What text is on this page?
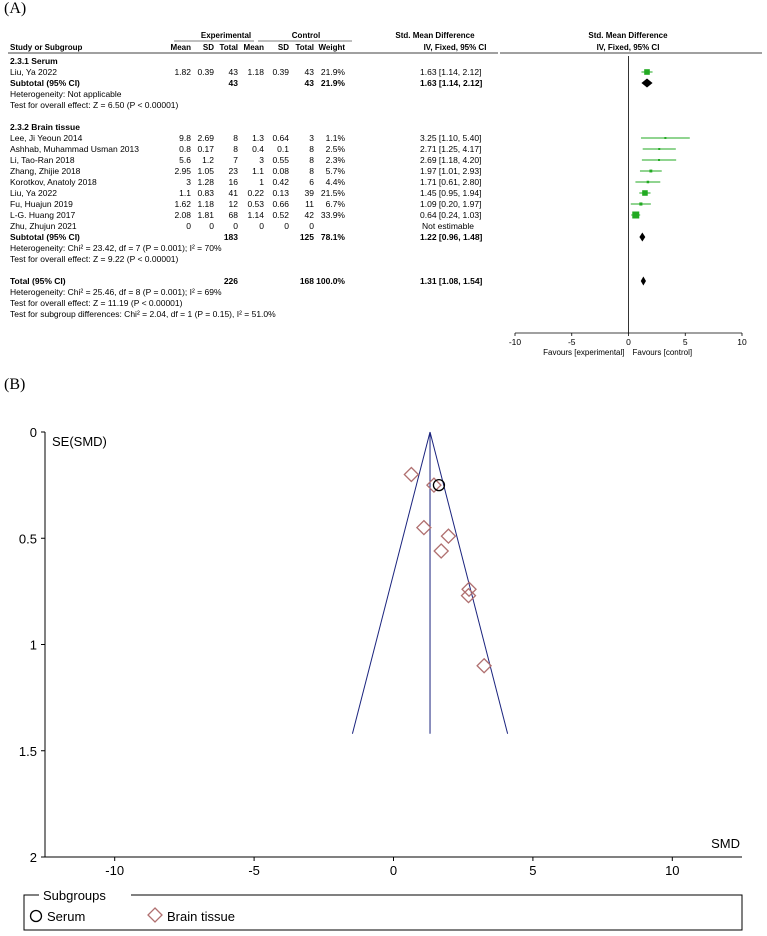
(A)
Experimental	Control	Std. Mean Difference	Std. Mean Difference
Study or Subgroup	Mean SD Total Mean SD Total Weight	IV, Fixed, 95% CI	IV, Fixed, 95% CI
2.3.1 Serum
Liu, Ya 2022	1.82 0.39 43 1.18 0.39 43 21.9%	1.63 [1.14, 2.12]
Subtotal (95% CI)	43	43 21.9%	1.63 [1.14, 2.12]
Heterogeneity: Not applicable
Test for overall effect: Z = 6.50 (P < 0.00001)
2.3.2 Brain tissue
Lee, Ji Yeoun 2014	9.8 2.69 8 1.3 0.64 3 1.1%	3.25 [1.10, 5.40]
Ashhab, Muhammad Usman 2013	0.8 0.17 8 0.4 0.1 8 2.5%	2.71 [1.25, 4.17]
Li, Tao-Ran 2018	5.6 1.2 7	3 0.55 8 2.3%	2.69 [1.18, 4.20]
Zhang, Zhijie 2018	2.95 1.05 23 1.1 0.08 8 5.7%	1.97 [1.01, 2.93]
Korotkov, Anatoly 2018	3 1.28 16	1 0.42 6 4.4%	1.71 [0.61, 2.80]
Liu, Ya 2022	1.1 0.83 41 0.22 0.13 39 21.5%	1.45 [0.95, 1.94]
Fu, Huajun 2019	1.62 1.18 12 0.53 0.66 11 6.7%	1.09 [0.20, 1.97]
L-G. Huang 2017	2.08 1.81 68 1.14 0.52 42 33.9%	0.64 [0.24, 1.03]
Zhu, Zhujun 2021	0 0 0	0 0 0	Not estimable
Subtotal (95% CI)	183	125 78.1%	1.22 [0.96, 1.48]
Heterogeneity: Chi² = 23.42, df = 7 (P = 0.001); I² = 70%
Test for overall effect: Z = 9.22 (P < 0.00001)
Total (95% CI)	226	168 100.0%	1.31 [1.08, 1.54]
Heterogeneity: Chi² = 25.46, df = 8 (P = 0.001); I² = 69%
Test for overall effect: Z = 11.19 (P < 0.00001)
Test for subgroup differences: Chi² = 2.04, df = 1 (P = 0.15), I² = 51.0%
-10	-5	0	5	10
Favours [experimental] Favours [control]
(B)
0
0.5
1
1.5
2
-10	-5	0	5	10
SE(SMD)
SMD
Subgroups
Serum	Brain tissue
